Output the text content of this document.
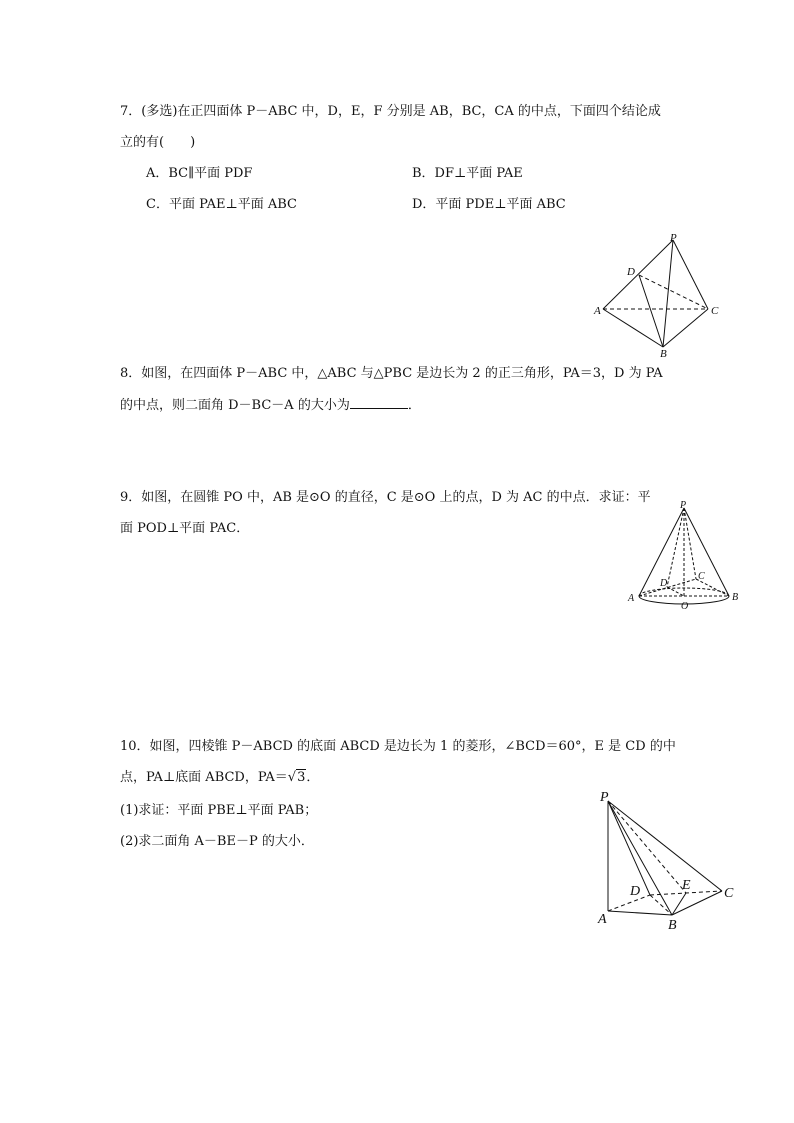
7．(多选)在正四面体 P－ABC 中，D，E，F 分别是 AB，BC，CA 的中点，下面四个结论成
立的有(　　)
A．BC∥平面 PDF	B．DF⊥平面 PAE
C．平面 PAE⊥平面 ABC	D．平面 PDE⊥平面 ABC
P
D
A	C
B
8．如图，在四面体 P－ABC 中，△ABC 与△PBC 是边长为 2 的正三角形，PA＝3，D 为 PA
的中点，则二面角 D－BC－A 的大小为	．
9．如图，在圆锥 PO 中，AB 是⊙O 的直径，C 是⊙O 上的点，D 为 AC 的中点．求证：平
面 POD⊥平面 PAC．
P
D
C
A
O
B
10．如图，四棱锥 P－ABCD 的底面 ABCD 是边长为 1 的菱形，∠BCD＝60°，E 是 CD 的中
点，PA⊥底面 ABCD，PA＝√3．
(1)求证：平面 PBE⊥平面 PAB；
(2)求二面角 A－BE－P 的大小．
P
D	E
C
A	B
